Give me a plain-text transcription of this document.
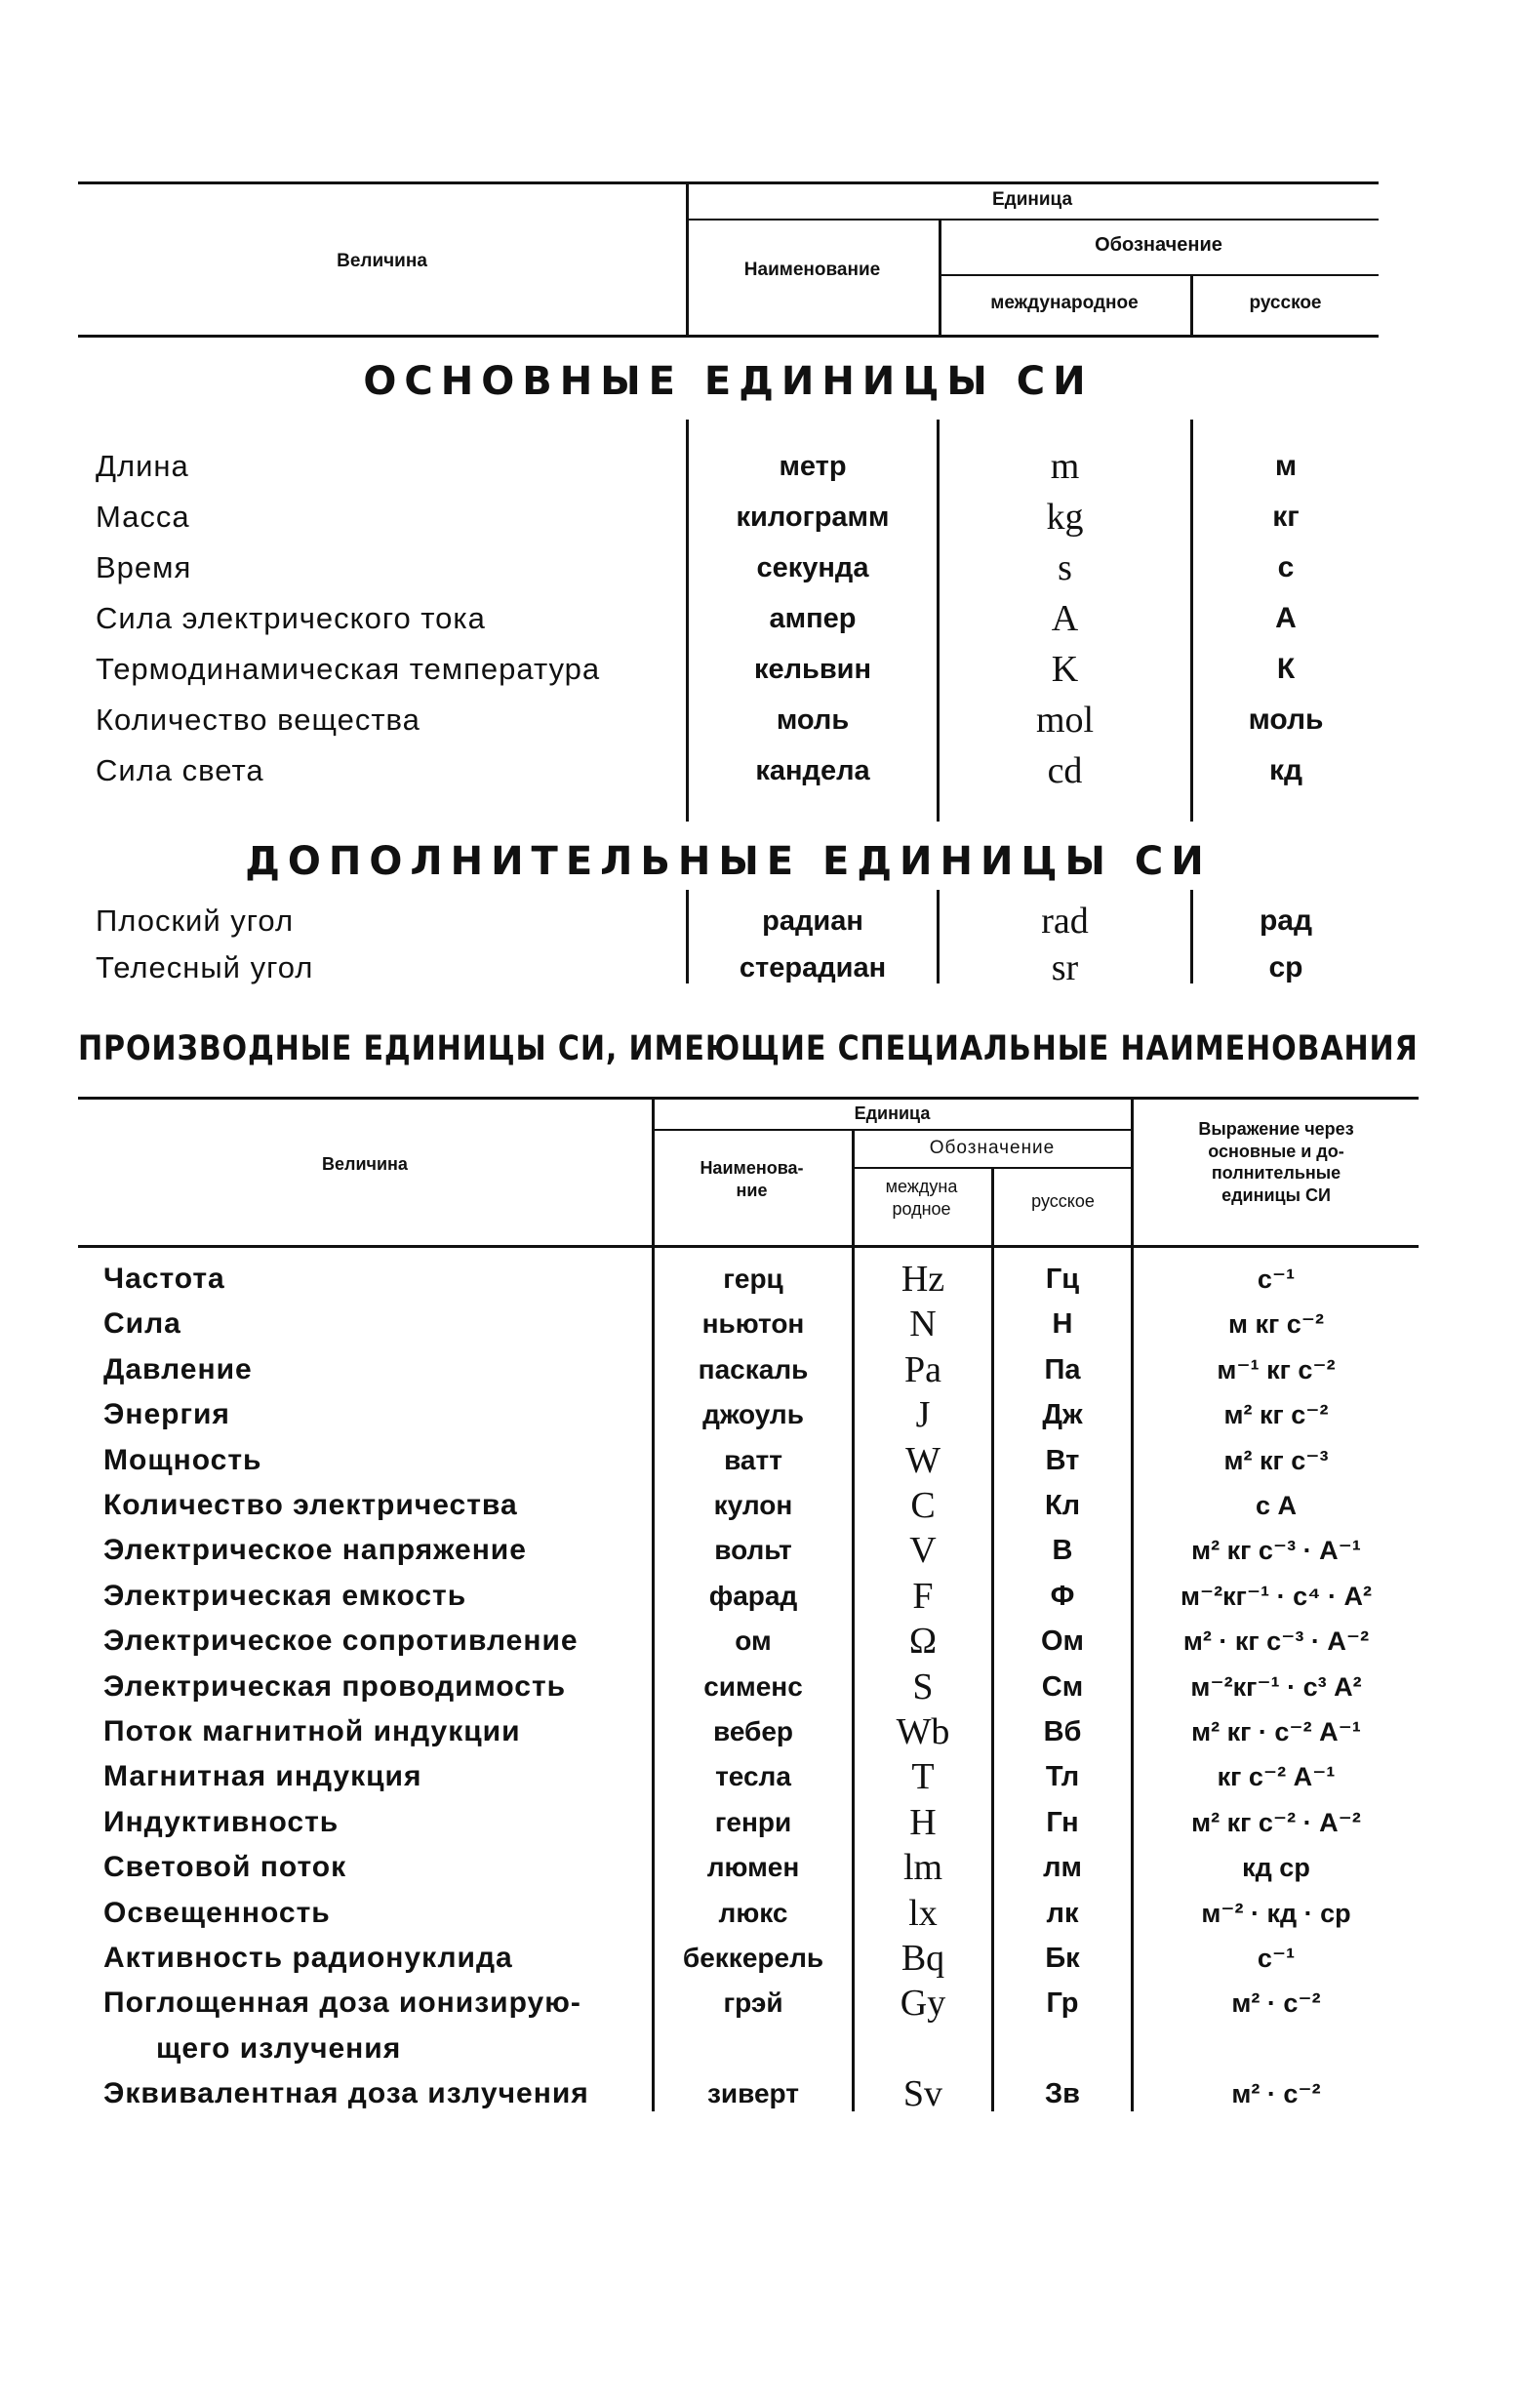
Величина
Единица
Наименование
Обозначение
международное	русское
ОСНОВНЫЕ ЕДИНИЦЫ СИ
Длина	метр	m	м
Масса	килограмм	kg	кг
Время	секунда	s	с
Сила электрического тока	ампер	A	А
Термодинамическая температура	кельвин	K	К
Количество вещества	моль	mol	моль
Сила света	кандела	cd	кд
ДОПОЛНИТЕЛЬНЫЕ ЕДИНИЦЫ СИ
Плоский угол	радиан	rad	рад
Телесный угол	стерадиан	sr	ср
ПРОИЗВОДНЫЕ ЕДИНИЦЫ СИ, ИМЕЮЩИЕ СПЕЦИАЛЬНЫЕ НАИМЕНОВАНИЯ
Величина
Единица
Наименова-
ние
Обозначение
междуна
родное	русское
Выражение через
основные и до-
полнительные
единицы СИ
Частота	герц	Hz	Гц	с⁻¹
Сила	ньютон	N	Н	м кг с⁻²
Давление	паскаль	Pa	Па	м⁻¹ кг с⁻²
Энергия	джоуль	J	Дж	м² кг с⁻²
Мощность	ватт	W	Вт	м² кг с⁻³
Количество электричества	кулон	C	Кл	с А
Электрическое напряжение	вольт	V	В	м² кг с⁻³ · А⁻¹
Электрическая емкость	фарад	F	Ф	м⁻²кг⁻¹ · с⁴ · А²
Электрическое сопротивление	ом	Ω	Ом	м² · кг с⁻³ · А⁻²
Электрическая проводимость	сименс	S	См	м⁻²кг⁻¹ · с³ А²
Поток магнитной индукции	вебер	Wb	Вб	м² кг · с⁻² А⁻¹
Магнитная индукция	тесла	T	Тл	кг с⁻² А⁻¹
Индуктивность	генри	H	Гн	м² кг с⁻² · А⁻²
Световой поток	люмен	lm	лм	кд ср
Освещенность	люкс	lx	лк	м⁻² · кд · ср
Активность радионуклида	беккерель	Bq	Бк	с⁻¹
Поглощенная доза ионизирую-	грэй	Gy	Гр	м² · с⁻²
щего излучения
Эквивалентная доза излучения	зиверт	Sv	Зв	м² · с⁻²
